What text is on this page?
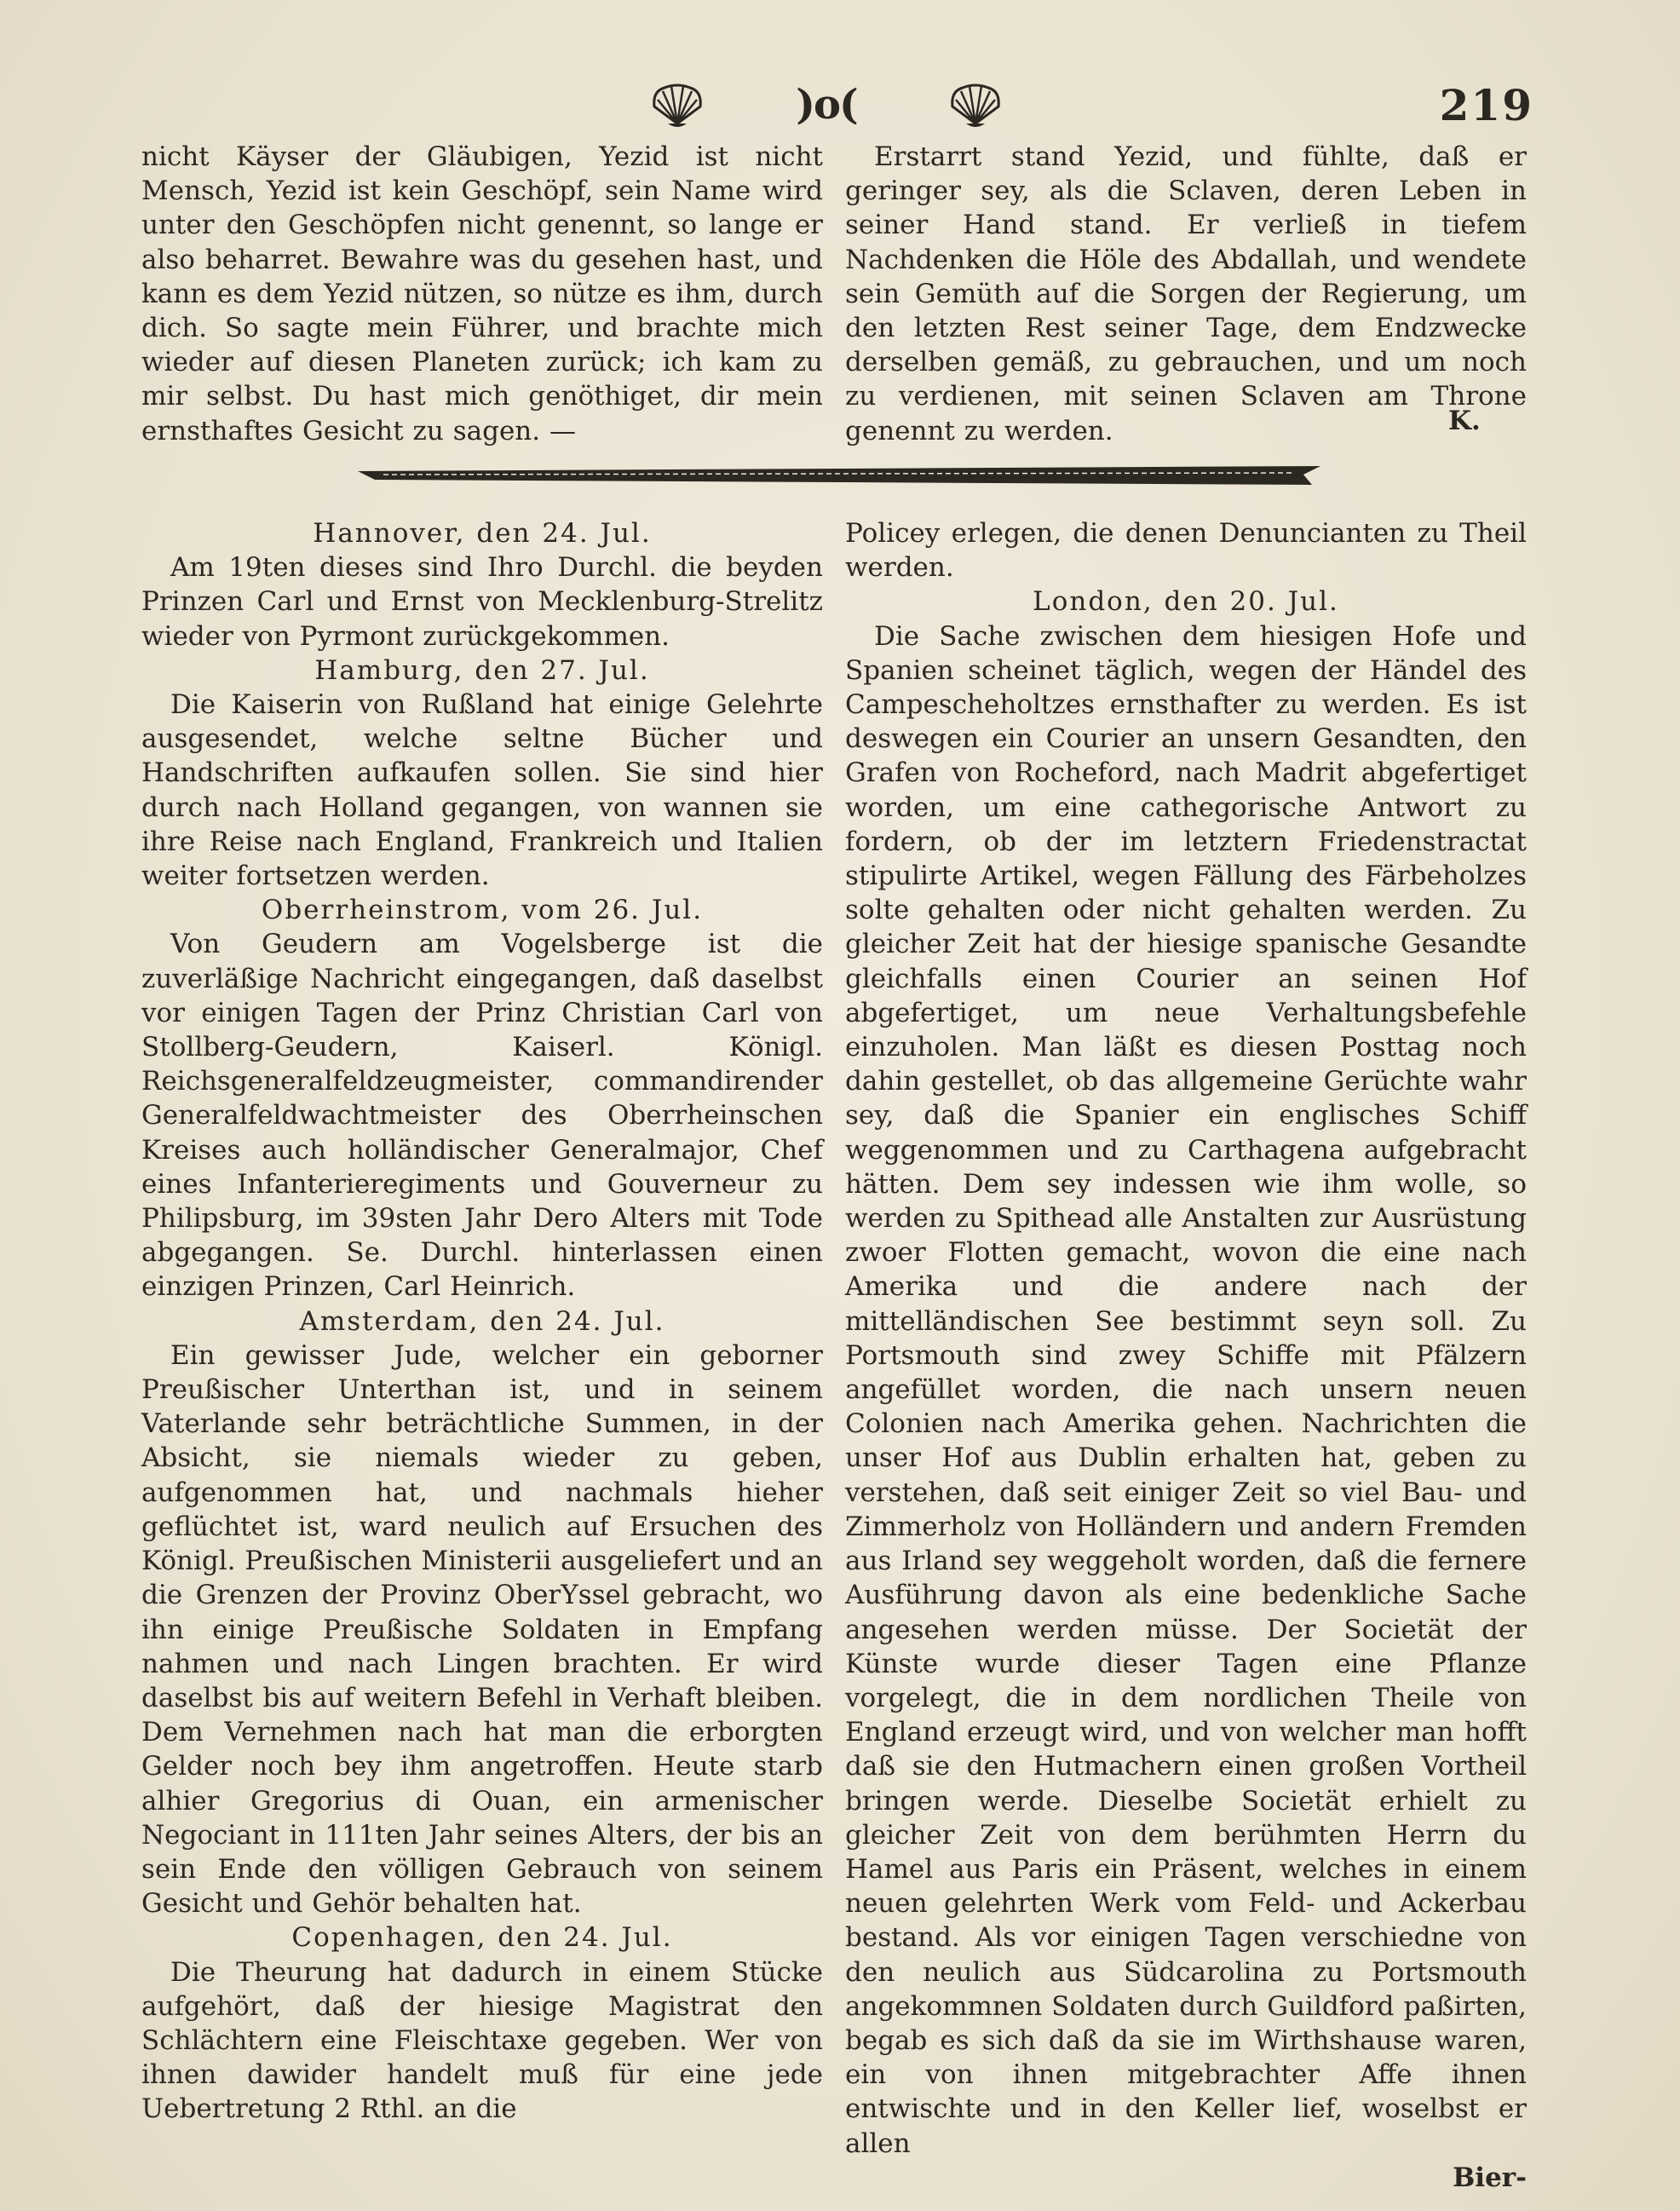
)o(	219

nicht Käyser der Gläubigen, Yezid ist nicht Mensch, Yezid ist kein Geschöpf, sein Name wird unter den Geschöpfen nicht genennt, so lange er also beharret. Bewahre was du gesehen hast, und kann es dem Yezid nützen, so nütze es ihm, durch dich. So sagte mein Führer, und brachte mich wieder auf diesen Planeten zurück; ich kam zu mir selbst. Du hast mich genöthiget, dir mein ernsthaftes Gesicht zu sagen. —

Erstarrt stand Yezid, und fühlte, daß er geringer sey, als die Sclaven, deren Leben in seiner Hand stand. Er verließ in tiefem Nachdenken die Höle des Abdallah, und wendete sein Gemüth auf die Sorgen der Regierung, um den letzten Rest seiner Tage, dem Endzwecke derselben gemäß, zu gebrauchen, und um noch zu verdienen, mit seinen Sclaven am Throne genennt zu werden.	K.

Hannover, den 24. Jul.

Am 19ten dieses sind Ihro Durchl. die beyden Prinzen Carl und Ernst von Mecklenburg-Strelitz wieder von Pyrmont zurückgekommen.

Hamburg, den 27. Jul.

Die Kaiserin von Rußland hat einige Gelehrte ausgesendet, welche seltne Bücher und Handschriften aufkaufen sollen. Sie sind hier durch nach Holland gegangen, von wannen sie ihre Reise nach England, Frankreich und Italien weiter fortsetzen werden.

Oberrheinstrom, vom 26. Jul.

Von Geudern am Vogelsberge ist die zuverläßige Nachricht eingegangen, daß daselbst vor einigen Tagen der Prinz Christian Carl von Stollberg-Geudern, Kaiserl. Königl. Reichsgeneralfeldzeugmeister, commandirender Generalfeldwachtmeister des Oberrheinschen Kreises auch holländischer Generalmajor, Chef eines Infanterieregiments und Gouverneur zu Philipsburg, im 39sten Jahr Dero Alters mit Tode abgegangen. Se. Durchl. hinterlassen einen einzigen Prinzen, Carl Heinrich.

Amsterdam, den 24. Jul.

Ein gewisser Jude, welcher ein geborner Preußischer Unterthan ist, und in seinem Vaterlande sehr beträchtliche Summen, in der Absicht, sie niemals wieder zu geben, aufgenommen hat, und nachmals hieher geflüchtet ist, ward neulich auf Ersuchen des Königl. Preußischen Ministerii ausgeliefert und an die Grenzen der Provinz OberYssel gebracht, wo ihn einige Preußische Soldaten in Empfang nahmen und nach Lingen brachten. Er wird daselbst bis auf weitern Befehl in Verhaft bleiben. Dem Vernehmen nach hat man die erborgten Gelder noch bey ihm angetroffen. Heute starb alhier Gregorius di Ouan, ein armenischer Negociant in 111ten Jahr seines Alters, der bis an sein Ende den völligen Gebrauch von seinem Gesicht und Gehör behalten hat.

Copenhagen, den 24. Jul.

Die Theurung hat dadurch in einem Stücke aufgehört, daß der hiesige Magistrat den Schlächtern eine Fleischtaxe gegeben. Wer von ihnen dawider handelt muß für eine jede Uebertretung 2 Rthl. an die

Policey erlegen, die denen Denuncianten zu Theil werden.

London, den 20. Jul.

Die Sache zwischen dem hiesigen Hofe und Spanien scheinet täglich, wegen der Händel des Campescheholtzes ernsthafter zu werden. Es ist deswegen ein Courier an unsern Gesandten, den Grafen von Rocheford, nach Madrit abgefertiget worden, um eine cathegorische Antwort zu fordern, ob der im letztern Friedenstractat stipulirte Artikel, wegen Fällung des Färbeholzes solte gehalten oder nicht gehalten werden. Zu gleicher Zeit hat der hiesige spanische Gesandte gleichfalls einen Courier an seinen Hof abgefertiget, um neue Verhaltungsbefehle einzuholen. Man läßt es diesen Posttag noch dahin gestellet, ob das allgemeine Gerüchte wahr sey, daß die Spanier ein englisches Schiff weggenommen und zu Carthagena aufgebracht hätten. Dem sey indessen wie ihm wolle, so werden zu Spithead alle Anstalten zur Ausrüstung zwoer Flotten gemacht, wovon die eine nach Amerika und die andere nach der mittelländischen See bestimmt seyn soll. Zu Portsmouth sind zwey Schiffe mit Pfälzern angefüllet worden, die nach unsern neuen Colonien nach Amerika gehen. Nachrichten die unser Hof aus Dublin erhalten hat, geben zu verstehen, daß seit einiger Zeit so viel Bau- und Zimmerholz von Holländern und andern Fremden aus Irland sey weggeholt worden, daß die fernere Ausführung davon als eine bedenkliche Sache angesehen werden müsse. Der Societät der Künste wurde dieser Tagen eine Pflanze vorgelegt, die in dem nordlichen Theile von England erzeugt wird, und von welcher man hofft daß sie den Hutmachern einen großen Vortheil bringen werde. Dieselbe Societät erhielt zu gleicher Zeit von dem berühmten Herrn du Hamel aus Paris ein Präsent, welches in einem neuen gelehrten Werk vom Feld- und Ackerbau bestand. Als vor einigen Tagen verschiedne von den neulich aus Südcarolina zu Portsmouth angekommnen Soldaten durch Guildford paßirten, begab es sich daß da sie im Wirthshause waren, ein von ihnen mitgebrachter Affe ihnen entwischte und in den Keller lief, woselbst er allen

Bier-
